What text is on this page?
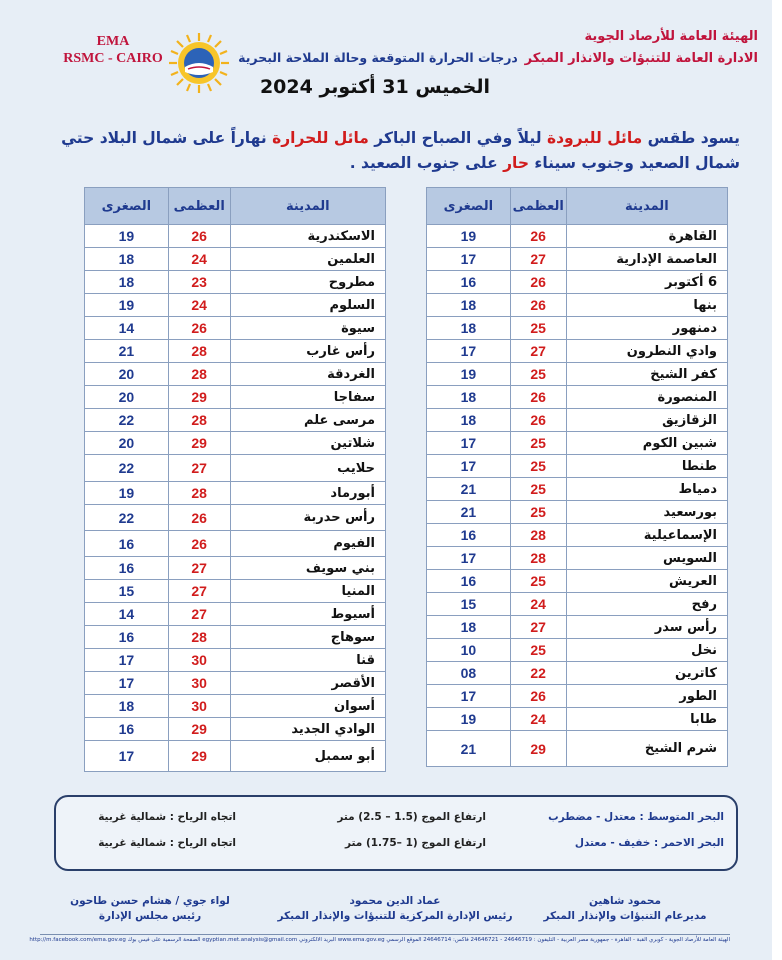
EMA
RSMC - CAIRO	درجات الحرارة المتوقعة وحالة الملاحة البحرية
الهيئة العامة للأرصاد الجوية
الادارة العامة للتنبؤات والانذار المبكر
الخميس 31 أكتوبر 2024
يسود طقس مائل للبرودة ليلاً وفي الصباح الباكر مائل للحرارة نهاراً على شمال البلاد حتي شمال الصعيد وجنوب سيناء حار على جنوب الصعيد .
الصغرى	العظمى	المدينة
19	26	الاسكندرية
18	24	العلمين
18	23	مطروح
19	24	السلوم
14	26	سيوة
21	28	رأس غارب
20	28	الغردقة
20	29	سفاجا
22	28	مرسى علم
20	29	شلاتين
22	27	حلايب
19	28	أبورماد
22	26	رأس حدربة
16	26	الفيوم
16	27	بني سويف
15	27	المنيا
14	27	أسيوط
16	28	سوهاج
17	30	قنا
17	30	الأقصر
18	30	أسوان
16	29	الوادي الجديد
17	29	أبو سمبل
الصغرى	العظمى	المدينة
19	26	القاهرة
17	27	العاصمة الإدارية
16	26	6 أكتوبر
18	26	بنها
18	25	دمنهور
17	27	وادي النطرون
19	25	كفر الشيخ
18	26	المنصورة
18	26	الزقازيق
17	25	شبين الكوم
17	25	طنطا
21	25	دمياط
21	25	بورسعيد
16	28	الإسماعيلية
17	28	السويس
16	25	العريش
15	24	رفح
18	27	رأس سدر
10	25	نخل
08	22	كاترين
17	26	الطور
19	24	طابا
21	29	شرم الشيخ
البحر المتوسط : معتدل - مضطرب
ارتفاع الموج (1.5 – 2.5) متر
اتجاه الرياح : شمالية غربية
البحر الاحمر : خفيف - معتدل
ارتفاع الموج (1 –1.75) متر
اتجاه الرياح : شمالية غربية
محمود شاهين
مديرعام التنبؤات والإنذار المبكر
عماد الدين محمود
رئيس الإدارة المركزية للتنبؤات والإنذار المبكر
لواء جوي / هشام حسن طاحون
رئيس مجلس الإدارة
الهيئة العامة للأرصاد الجوية - كوبري القبة - القاهرة - جمهورية مصر العربية - التليفون : 24646719 - 24646721 فاكس: 24646714 الموقع الرسمي www.ema.gov.eg البريد الالكتروني egyptian.met.analysis@gmail.com الصفحة الرسمية على فيس بوك http://m.facebook.com/ema.gov.eg
